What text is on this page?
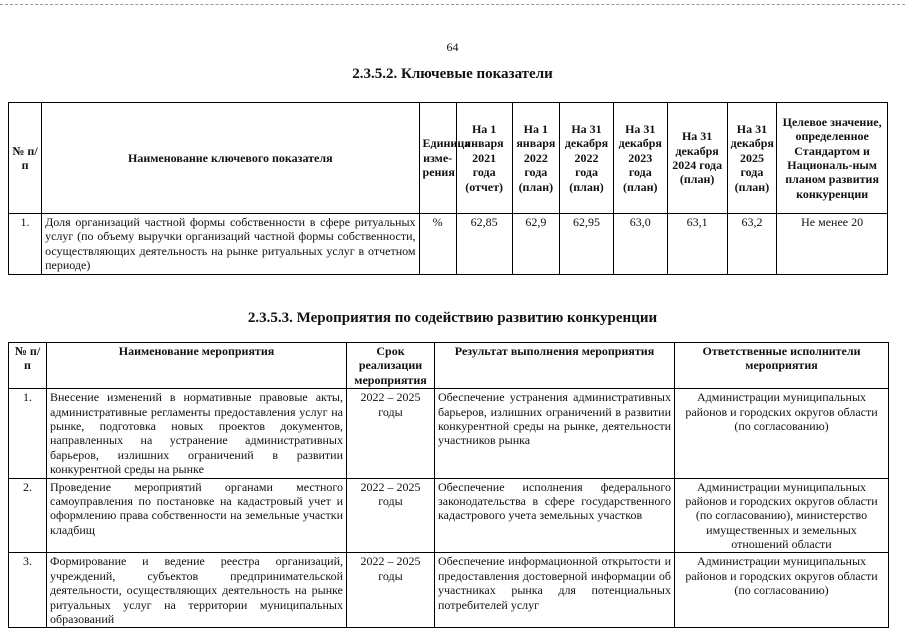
64
2.3.5.2. Ключевые показатели
№ п/п	Наименование ключевого показателя	Единица изме-рения	На 1 января 2021 года (отчет)	На 1 января 2022 года (план)	На 31 декабря 2022 года (план)	На 31 декабря 2023 года (план)	На 31 декабря 2024 года (план)	На 31 декабря 2025 года (план)	Целевое значение, определенное Стандартом и Националь-ным планом развития конкуренции
1.	Доля организаций частной формы собственности в сфере ритуальных услуг (по объему выручки организаций частной формы собственности, осуществляющих деятельность на рынке ритуальных услуг в отчетном периоде)	%	62,85	62,9	62,95	63,0	63,1	63,2	Не менее 20
2.3.5.3. Мероприятия по содействию развитию конкуренции
№ п/п	Наименование мероприятия	Срок реализации мероприятия	Результат выполнения мероприятия	Ответственные исполнители мероприятия
1.	Внесение изменений в нормативные правовые акты, административные регламенты предоставления услуг на рынке, подготовка новых проектов документов, направленных на устранение административных барьеров, излишних ограничений в развитии конкурентной среды на рынке	2022 – 2025 годы	Обеспечение устранения административных барьеров, излишних ограничений в развитии конкурентной среды на рынке, деятельности участников рынка	Администрации муниципальных районов и городских округов области (по согласованию)
2.	Проведение мероприятий органами местного самоуправления по постановке на кадастровый учет и оформлению права собственности на земельные участки кладбищ	2022 – 2025 годы	Обеспечение исполнения федерального законодательства в сфере государственного кадастрового учета земельных участков	Администрации муниципальных районов и городских округов области (по согласованию), министерство имущественных и земельных отношений области
3.	Формирование и ведение реестра организаций, учреждений, субъектов предпринимательской деятельности, осуществляющих деятельность на рынке ритуальных услуг на территории муниципальных образований	2022 – 2025 годы	Обеспечение информационной открытости и предоставления достоверной информации об участниках рынка для потенциальных потребителей услуг	Администрации муниципальных районов и городских округов области (по согласованию)
